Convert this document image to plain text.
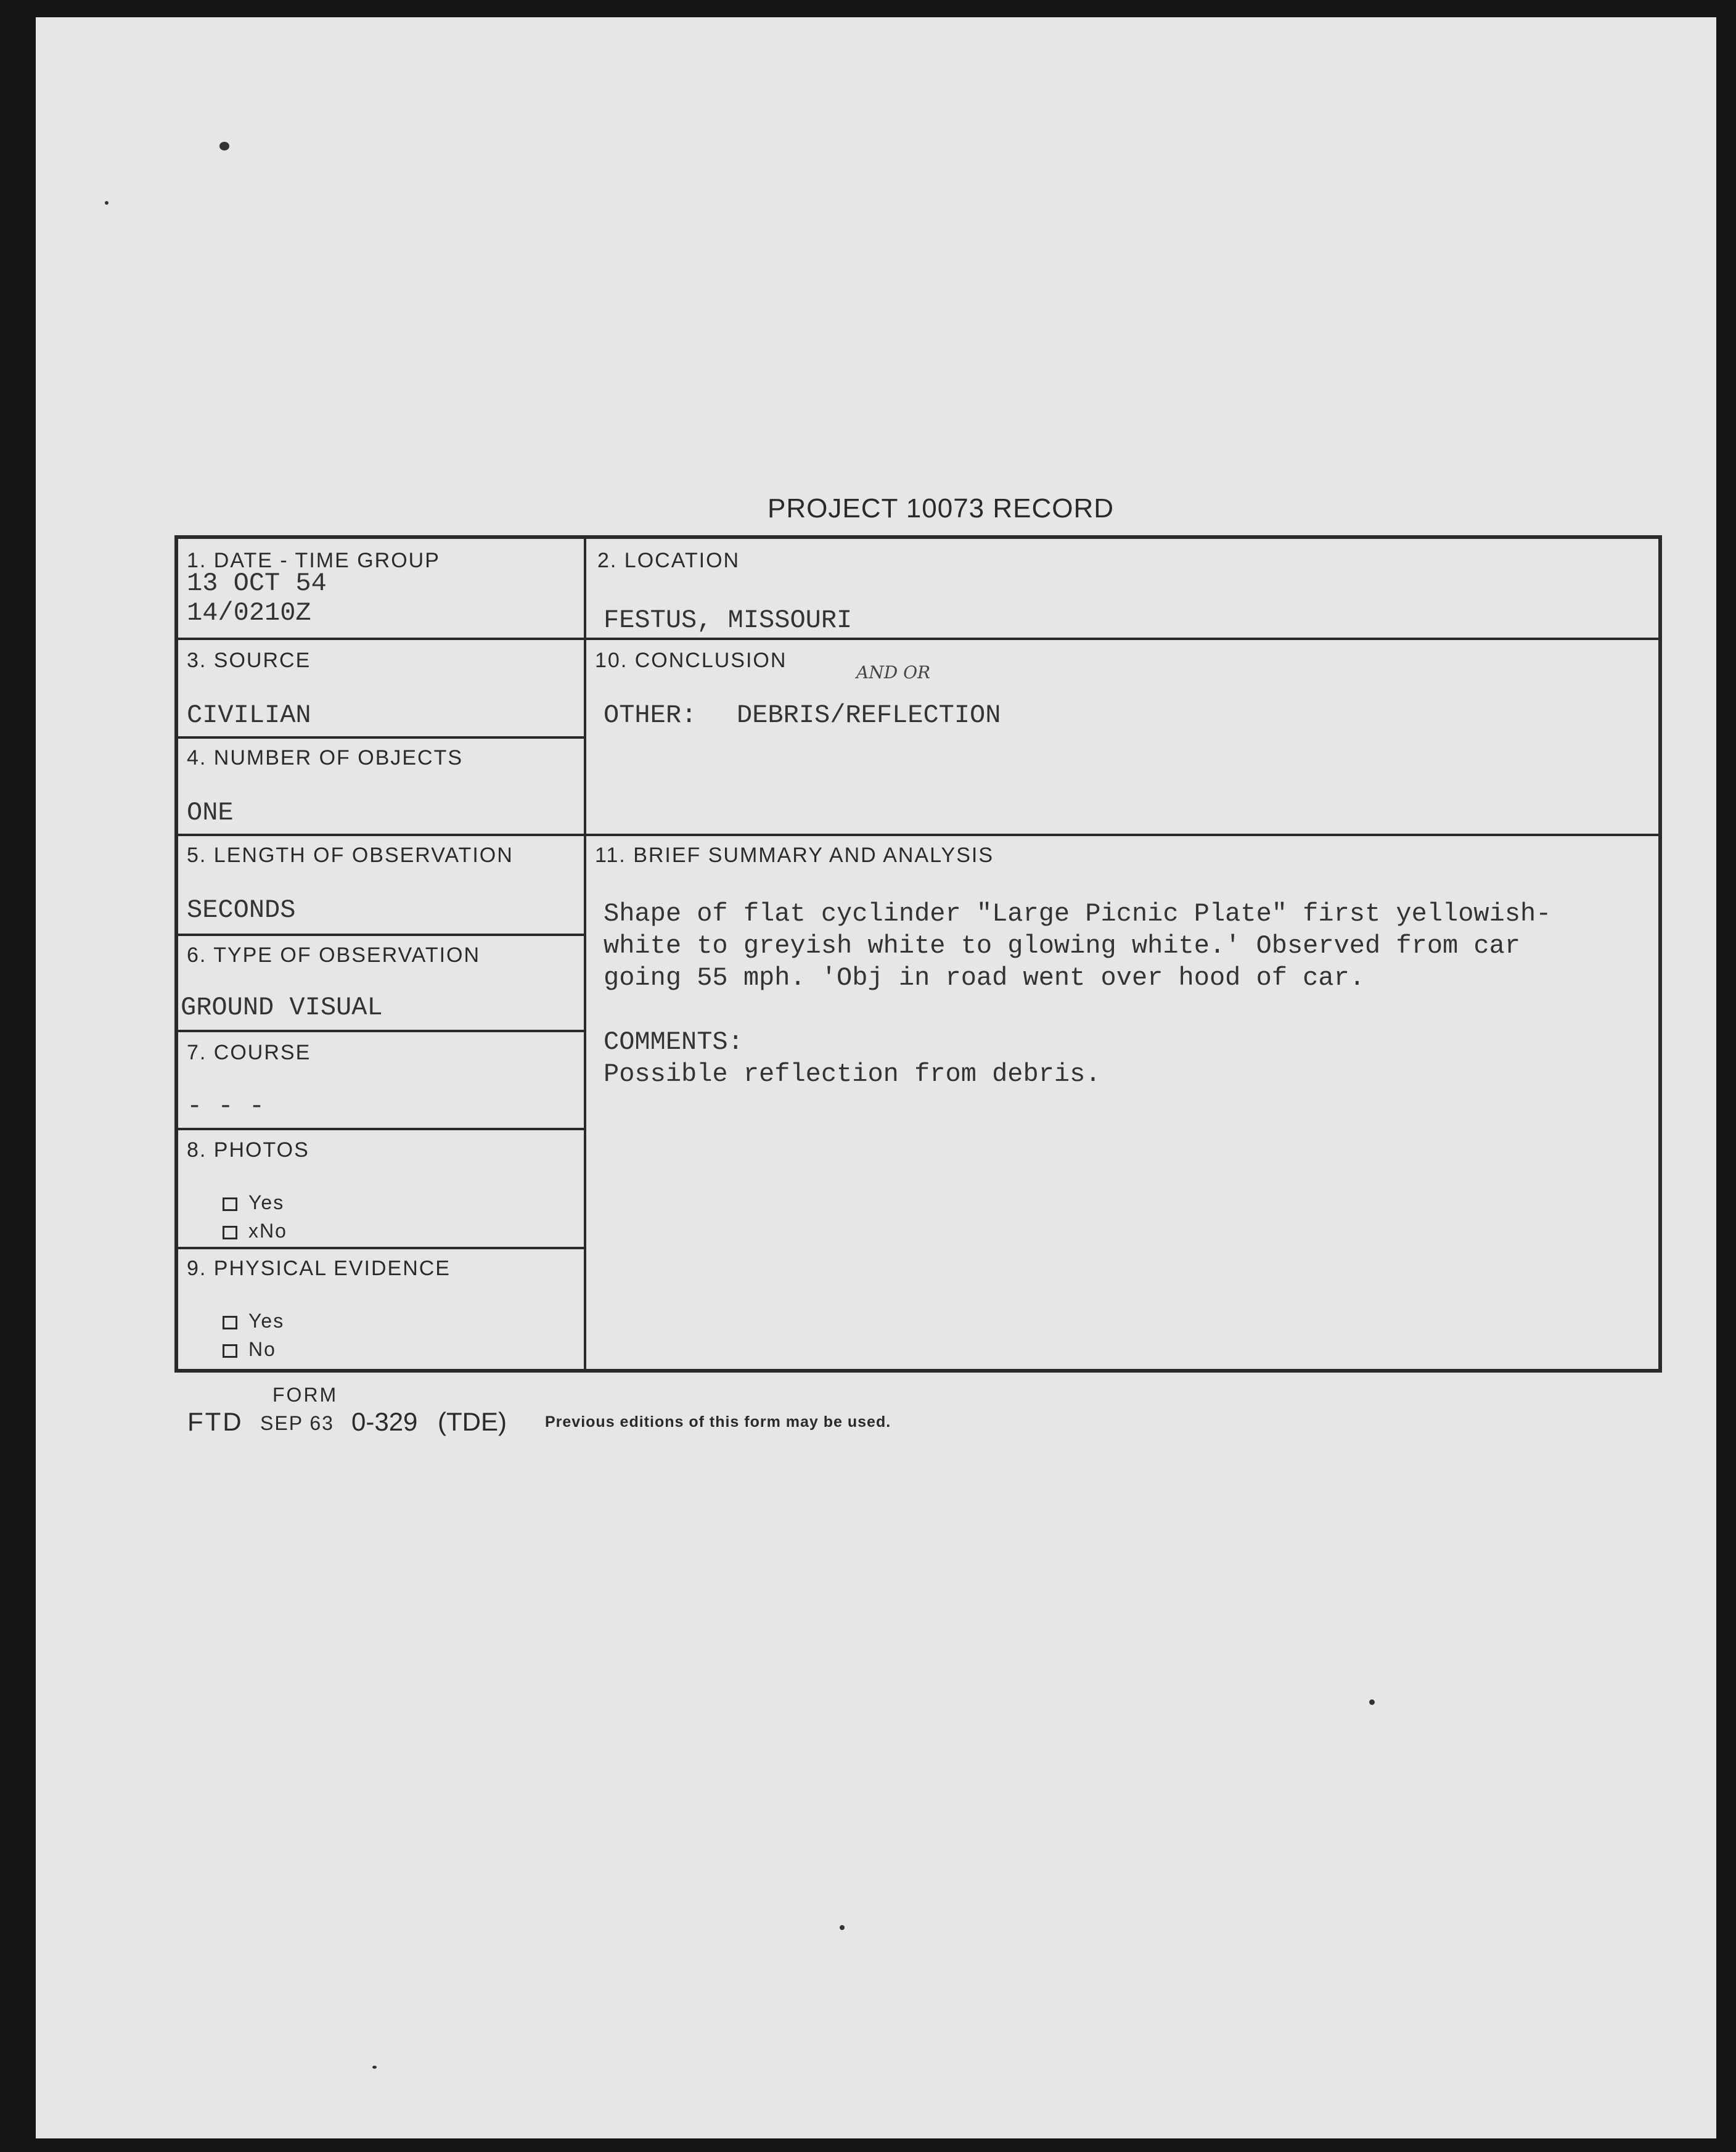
PROJECT 10073 RECORD
1. DATE - TIME GROUP
13 OCT 54
14/0210Z
2. LOCATION
FESTUS, MISSOURI
3. SOURCE
CIVILIAN
4. NUMBER OF OBJECTS
ONE
10. CONCLUSION
AND OR
OTHER: DEBRIS/REFLECTION
5. LENGTH OF OBSERVATION
SECONDS
11. BRIEF SUMMARY AND ANALYSIS
Shape of flat cyclinder "Large Picnic Plate" first yellowish-
white to greyish white to glowing white.' Observed from car
going 55 mph. 'Obj in road went over hood of car.
COMMENTS:
Possible reflection from debris.
6. TYPE OF OBSERVATION
GROUND VISUAL
7. COURSE
- - -
8. PHOTOS
Yes
xNo
9. PHYSICAL EVIDENCE
Yes
No
FORM
FTD SEP 63 0-329 (TDE) Previous editions of this form may be used.
